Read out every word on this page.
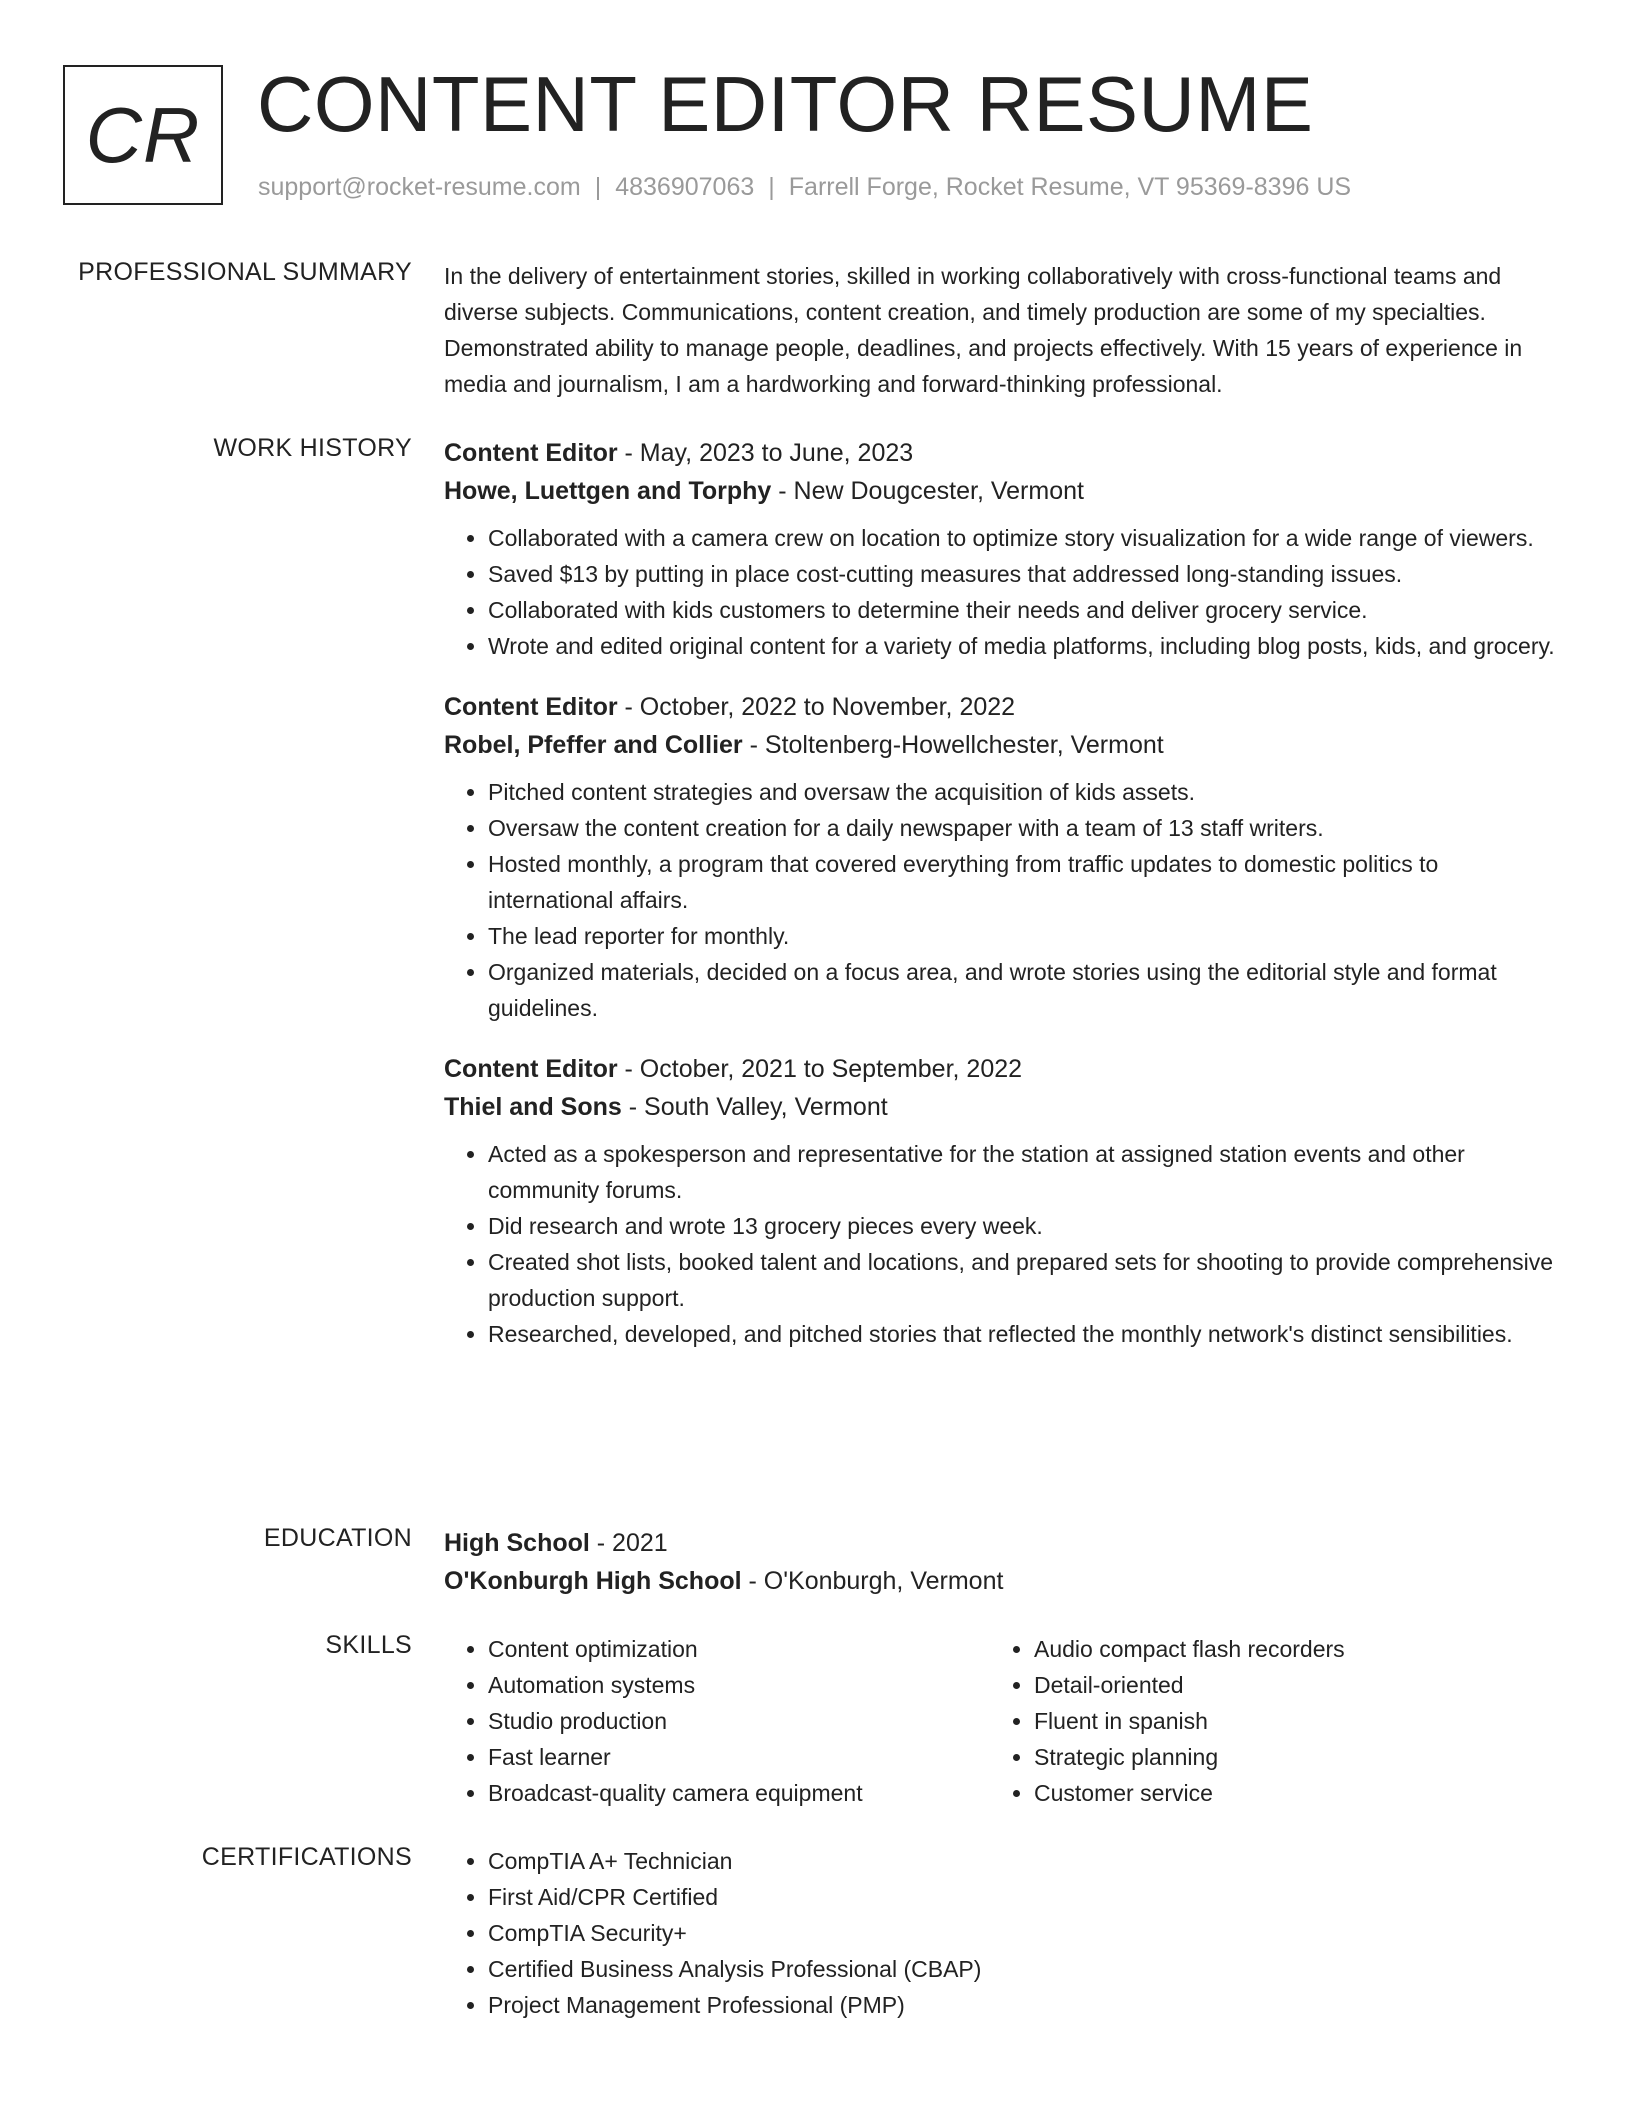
CR CONTENT EDITOR RESUME
support@rocket-resume.com | 4836907063 | Farrell Forge, Rocket Resume, VT 95369-8396 US
PROFESSIONAL SUMMARY In the delivery of entertainment stories, skilled in working collaboratively with cross-functional teams and diverse subjects. Communications, content creation, and timely production are some of my specialties. Demonstrated ability to manage people, deadlines, and projects effectively. With 15 years of experience in media and journalism, I am a hardworking and forward-thinking professional.

WORK HISTORY Content Editor - May, 2023 to June, 2023
Howe, Luettgen and Torphy - New Dougcester, Vermont
• Collaborated with a camera crew on location to optimize story visualization for a wide range of viewers.
• Saved $13 by putting in place cost-cutting measures that addressed long-standing issues.
• Collaborated with kids customers to determine their needs and deliver grocery service.
• Wrote and edited original content for a variety of media platforms, including blog posts, kids, and grocery.
Content Editor - October, 2022 to November, 2022
Robel, Pfeffer and Collier - Stoltenberg-Howellchester, Vermont
• Pitched content strategies and oversaw the acquisition of kids assets.
• Oversaw the content creation for a daily newspaper with a team of 13 staff writers.
• Hosted monthly, a program that covered everything from traffic updates to domestic politics to international affairs.
• The lead reporter for monthly.
• Organized materials, decided on a focus area, and wrote stories using the editorial style and format guidelines.
Content Editor - October, 2021 to September, 2022
Thiel and Sons - South Valley, Vermont
• Acted as a spokesperson and representative for the station at assigned station events and other community forums.
• Did research and wrote 13 grocery pieces every week.
• Created shot lists, booked talent and locations, and prepared sets for shooting to provide comprehensive production support.
• Researched, developed, and pitched stories that reflected the monthly network's distinct sensibilities.
EDUCATION High School - 2021
O'Konburgh High School - O'Konburgh, Vermont
SKILLS	• Content optimization
• Automation systems
• Studio production
• Fast learner
• Broadcast-quality camera equipment
• Audio compact flash recorders
• Detail-oriented
• Fluent in spanish
• Strategic planning
• Customer service
CERTIFICATIONS	• CompTIA A+ Technician
• First Aid/CPR Certified
• CompTIA Security+
• Certified Business Analysis Professional (CBAP)
• Project Management Professional (PMP)
